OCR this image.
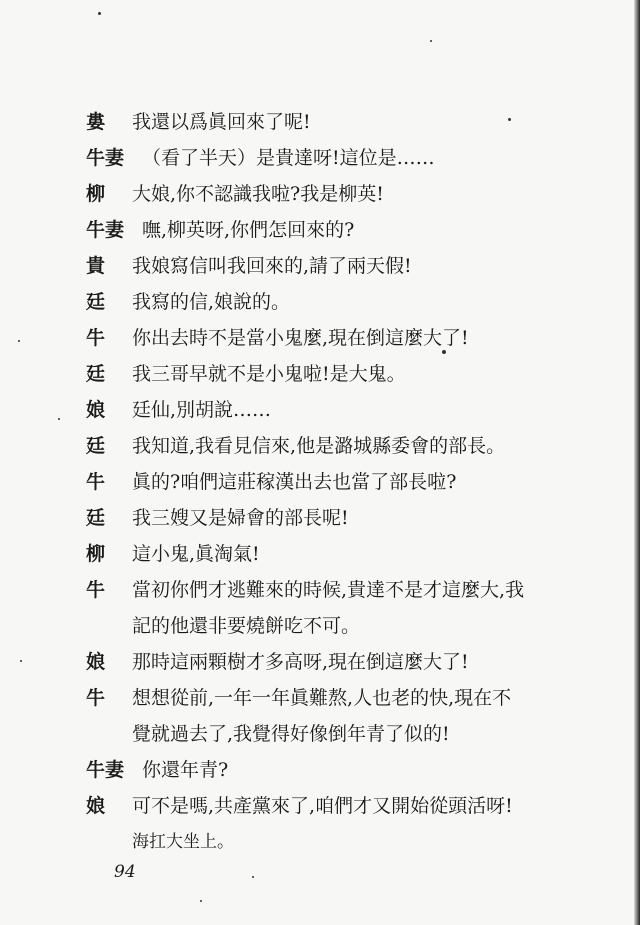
婁 我還以爲眞回來了呢!
牛妻 （看了半天）是貴達呀!這位是……
柳 大娘,你不認識我啦?我是柳英!
牛妻 嘸,柳英呀,你們怎回來的?
貴 我娘寫信叫我回來的,請了兩天假!
廷 我寫的信,娘說的。
牛 你出去時不是當小鬼麼,現在倒這麼大了!
廷 我三哥早就不是小鬼啦!是大鬼。
娘 廷仙,別胡說……
廷 我知道,我看見信來,他是潞城縣委會的部長。
牛 眞的?咱們這莊稼漢出去也當了部長啦?
廷 我三嫂又是婦會的部長呢!
柳 這小鬼,眞淘氣!
牛 當初你們才逃難來的時候,貴達不是才這麼大,我
記的他還非要燒餅吃不可。
娘 那時這兩顆樹才多高呀,現在倒這麼大了!
牛 想想從前,一年一年眞難熬,人也老的快,現在不
覺就過去了,我覺得好像倒年青了似的!
牛妻 你還年青?
娘 可不是嗎,共產黨來了,咱們才又開始從頭活呀!
海扛大坐上。
94
